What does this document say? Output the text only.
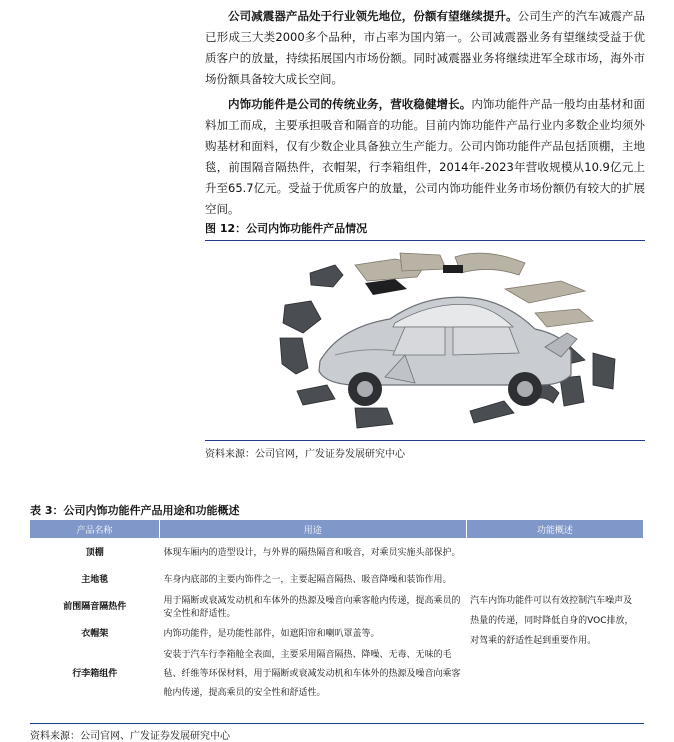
公司减震器产品处于行业领先地位，份额有望继续提升。公司生产的汽车减震产品已形成三大类2000多个品种，市占率为国内第一。公司减震器业务有望继续受益于优质客户的放量，持续拓展国内市场份额。同时减震器业务将继续进军全球市场，海外市场份额具备较大成长空间。

内饰功能件是公司的传统业务，营收稳健增长。内饰功能件产品一般均由基材和面料加工而成，主要承担吸音和隔音的功能。目前内饰功能件产品行业内多数企业均须外购基材和面料，仅有少数企业具备独立生产能力。公司内饰功能件产品包括顶棚，主地毯，前围隔音隔热件，衣帽架，行李箱组件，2014年-2023年营收规模从10.9亿元上升至65.7亿元。受益于优质客户的放量，公司内饰功能件业务市场份额仍有较大的扩展空间。

图 12：公司内饰功能件产品情况
资料来源：公司官网，广发证券发展研究中心
表 3：公司内饰功能件产品用途和功能概述
产品名称	用途	功能概述
顶棚	体现车厢内的造型设计，与外界的隔热隔音和吸音，对乘员实施头部保护。	汽车内饰功能件可以有效控制汽车噪声及热量的传递，同时降低自身的VOC排放，对驾乘的舒适性起到重要作用。
主地毯	车身内底部的主要内饰件之一，主要起隔音隔热、吸音降噪和装饰作用。	
前围隔音隔热件	用于隔断或衰减发动机和车体外的热源及噪音向乘客舱内传递，提高乘员的安全性和舒适性。	
衣帽架	内饰功能件，是功能性部件，如遮阳帘和喇叭罩盖等。	
行李箱组件	安装于汽车行李箱舱全表面，主要采用隔音隔热、降噪、无毒、无味的毛毡、纤维等环保材料，用于隔断或衰减发动机和车体外的热源及噪音向乘客舱内传递，提高乘员的安全性和舒适性。	
资料来源：公司官网、广发证券发展研究中心
